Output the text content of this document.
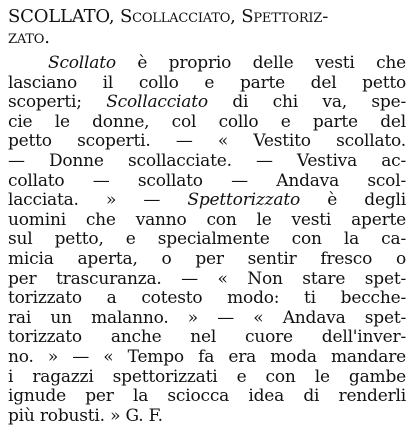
SCOLLATO, Scollacciato, Spettoriz-
zato.
Scollato è proprio delle vesti che
lasciano il collo e parte del petto
scoperti; Scollacciato di chi va, spe-
cie le donne, col collo e parte del
petto scoperti. — « Vestito scollato.
— Donne scollacciate. — Vestiva ac-
collato — scollato — Andava scol-
lacciata. » — Spettorizzato è degli
uomini che vanno con le vesti aperte
sul petto, e specialmente con la ca-
micia aperta, o per sentir fresco o
per trascuranza. — « Non stare spet-
torizzato a cotesto modo: ti becche-
rai un malanno. » — « Andava spet-
torizzato anche nel cuore dell'inver-
no. » — « Tempo fa era moda mandare
i ragazzi spettorizzati e con le gambe
ignude per la sciocca idea di renderli
più robusti. » G. F.
